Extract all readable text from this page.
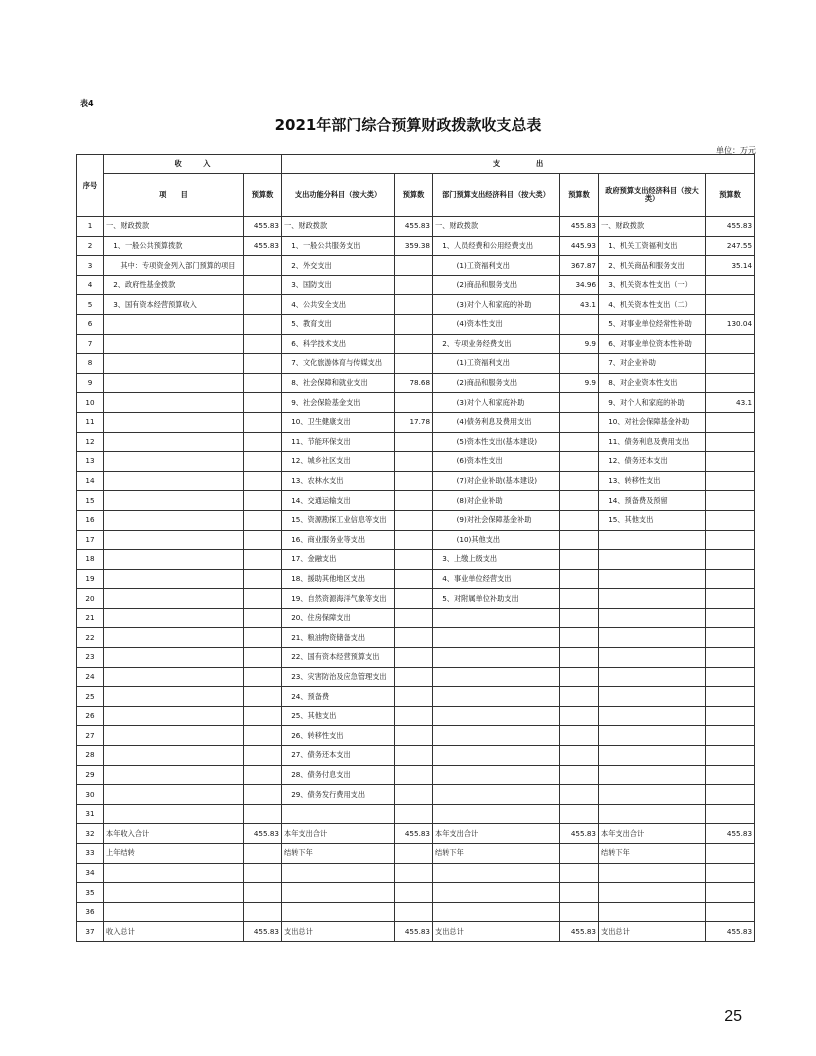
表4
2021年部门综合预算财政拨款收支总表
单位：万元
序号	收　　　入		支　　　　　出					
	项　　目	预算数	支出功能分科目（按大类）	预算数	部门预算支出经济科目（按大类）	预算数	政府预算支出经济科目（按大类）	预算数
1	一、财政拨款	455.83	一、财政拨款	455.83	一、财政拨款	455.83	一、财政拨款	455.83
2	　1、一般公共预算拨款	455.83	　1、一般公共服务支出	359.38	　1、人员经费和公用经费支出	445.93	　1、机关工资福利支出	247.55
3	　　其中：专项资金列入部门预算的项目		　2、外交支出		　　　(1)工资福利支出	367.87	　2、机关商品和服务支出	35.14
4	　2、政府性基金拨款		　3、国防支出		　　　(2)商品和服务支出	34.96	　3、机关资本性支出（一）	
5	　3、国有资本经营预算收入		　4、公共安全支出		　　　(3)对个人和家庭的补助	43.1	　4、机关资本性支出（二）	
6			　5、教育支出		　　　(4)资本性支出		　5、对事业单位经常性补助	130.04
7			　6、科学技术支出		　2、专项业务经费支出	9.9	　6、对事业单位资本性补助	
8			　7、文化旅游体育与传媒支出		　　　(1)工资福利支出		　7、对企业补助	
9			　8、社会保障和就业支出	78.68	　　　(2)商品和服务支出	9.9	　8、对企业资本性支出	
10			　9、社会保险基金支出		　　　(3)对个人和家庭补助		　9、对个人和家庭的补助	43.1
11			　10、卫生健康支出	17.78	　　　(4)债务利息及费用支出		　10、对社会保障基金补助	
12			　11、节能环保支出		　　　(5)资本性支出(基本建设)		　11、债务利息及费用支出	
13			　12、城乡社区支出		　　　(6)资本性支出		　12、债务还本支出	
14			　13、农林水支出		　　　(7)对企业补助(基本建设)		　13、转移性支出	
15			　14、交通运输支出		　　　(8)对企业补助		　14、预备费及预留	
16			　15、资源勘探工业信息等支出		　　　(9)对社会保障基金补助		　15、其他支出	
17			　16、商业服务业等支出		　　　(10)其他支出			
18			　17、金融支出		　3、上缴上级支出			
19			　18、援助其他地区支出		　4、事业单位经营支出			
20			　19、自然资源海洋气象等支出		　5、对附属单位补助支出			
21			　20、住房保障支出					
22			　21、粮油物资储备支出					
23			　22、国有资本经营预算支出					
24			　23、灾害防治及应急管理支出					
25			　24、预备费					
26			　25、其他支出					
27			　26、转移性支出					
28			　27、债务还本支出					
29			　28、债务付息支出					
30			　29、债务发行费用支出					
31								
32	本年收入合计	455.83	本年支出合计	455.83	本年支出合计	455.83	本年支出合计	455.83
33	上年结转		结转下年		结转下年		结转下年	
34								
35								
36								
37	收入总计	455.83	支出总计	455.83	支出总计	455.83	支出总计	455.83
25
